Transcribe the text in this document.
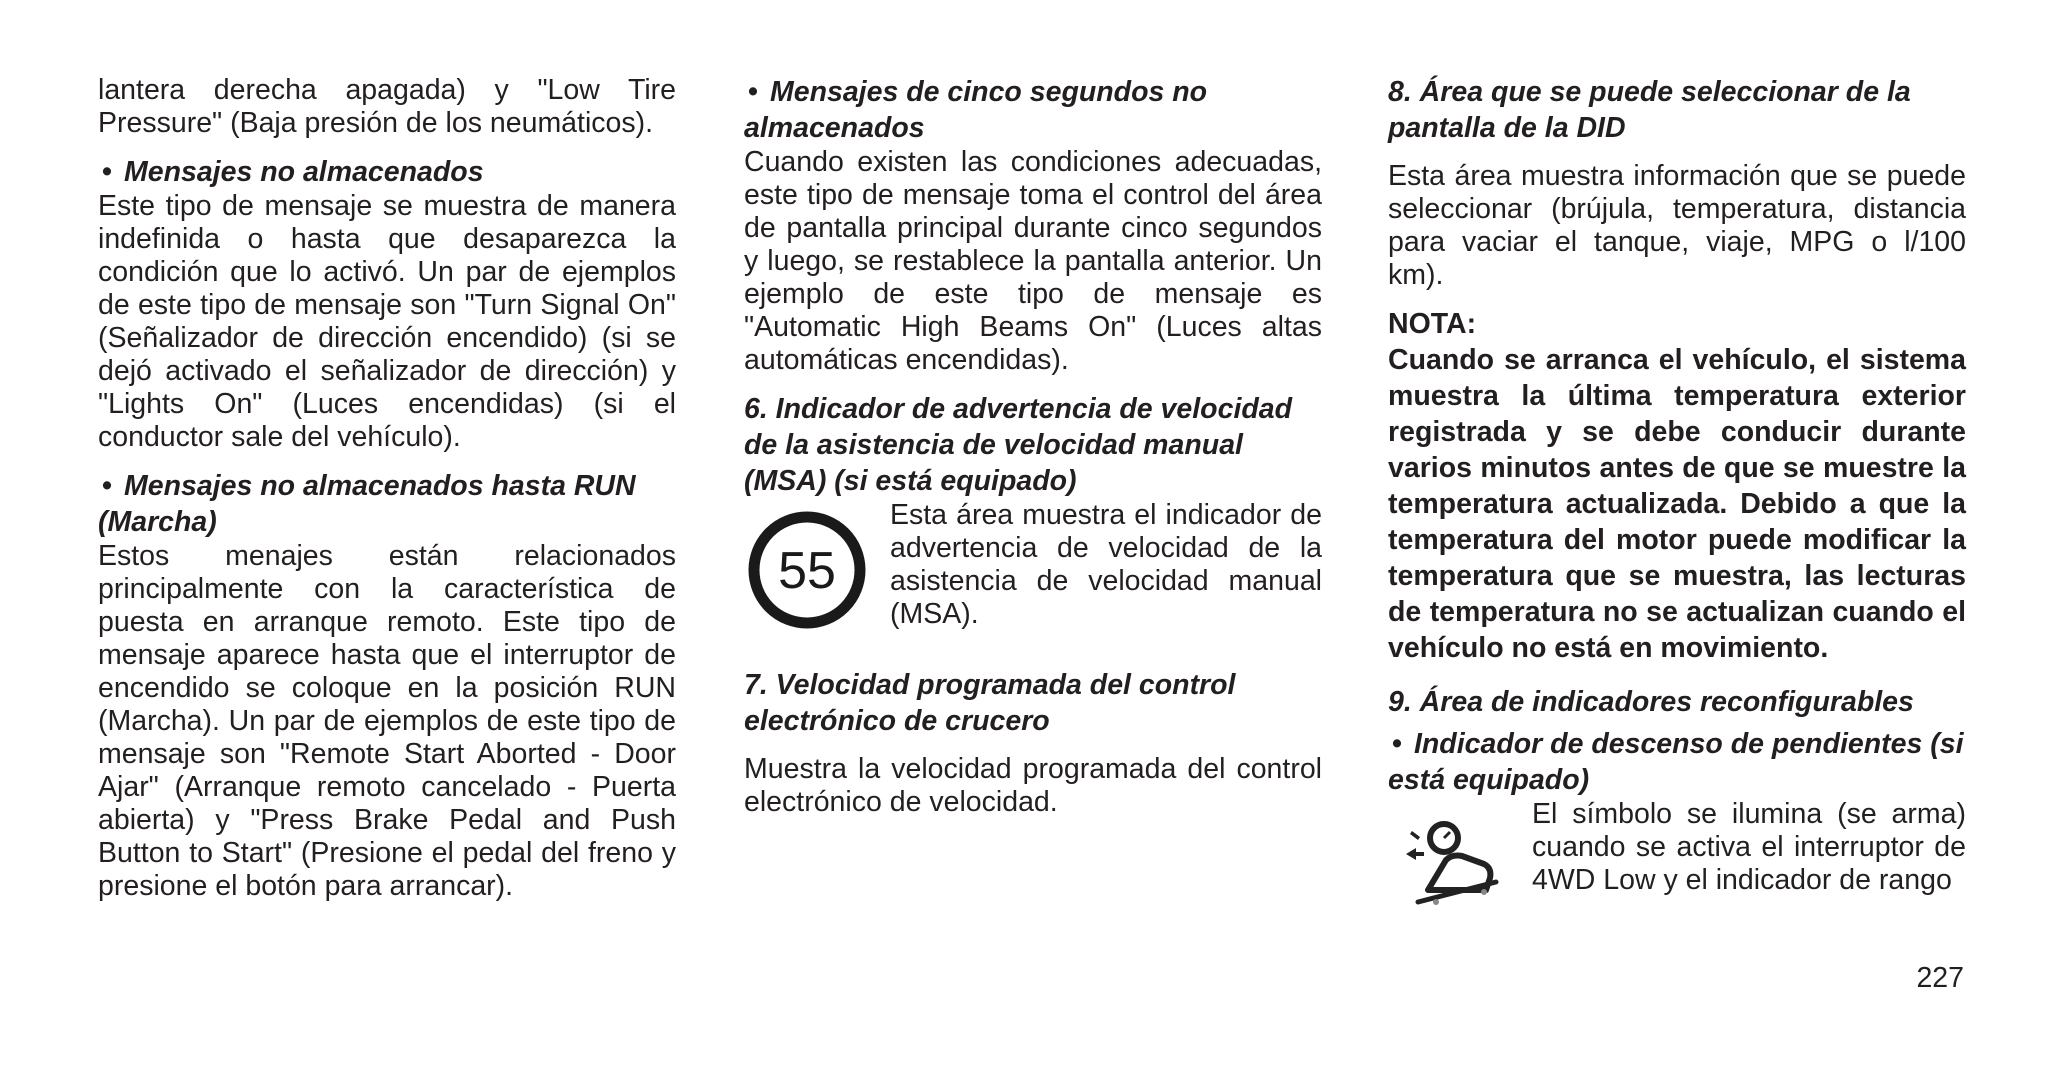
lantera derecha apagada) y "Low Tire Pressure" (Baja presión de los neumáticos).

• Mensajes no almacenados

Este tipo de mensaje se muestra de manera indefinida o hasta que desaparezca la condición que lo activó. Un par de ejemplos de este tipo de mensaje son "Turn Signal On" (Señalizador de dirección encendido) (si se dejó activado el señalizador de dirección) y "Lights On" (Luces encendidas) (si el conductor sale del vehículo).

• Mensajes no almacenados hasta RUN (Marcha)

Estos menajes están relacionados principalmente con la característica de puesta en arranque remoto. Este tipo de mensaje aparece hasta que el interruptor de encendido se coloque en la posición RUN (Marcha). Un par de ejemplos de este tipo de mensaje son "Remote Start Aborted - Door Ajar" (Arranque remoto cancelado - Puerta abierta) y "Press Brake Pedal and Push Button to Start" (Presione el pedal del freno y presione el botón para arrancar).

• Mensajes de cinco segundos no almacenados

Cuando existen las condiciones adecuadas, este tipo de mensaje toma el control del área de pantalla principal durante cinco segundos y luego, se restablece la pantalla anterior. Un ejemplo de este tipo de mensaje es "Automatic High Beams On" (Luces altas automáticas encendidas).

6. Indicador de advertencia de velocidad de la asistencia de velocidad manual (MSA) (si está equipado)
55

Esta área muestra el indicador de advertencia de velocidad de la asistencia de velocidad manual (MSA).

7. Velocidad programada del control electrónico de crucero

Muestra la velocidad programada del control electrónico de velocidad.

8. Área que se puede seleccionar de la pantalla de la DID

Esta área muestra información que se puede seleccionar (brújula, temperatura, distancia para vaciar el tanque, viaje, MPG o l/100 km).

NOTA:

Cuando se arranca el vehículo, el sistema muestra la última temperatura exterior registrada y se debe conducir durante varios minutos antes de que se muestre la temperatura actualizada. Debido a que la temperatura del motor puede modificar la temperatura que se muestra, las lecturas de temperatura no se actualizan cuando el vehículo no está en movimiento.

9. Área de indicadores reconfigurables
• Indicador de descenso de pendientes (si está equipado)

El símbolo se ilumina (se arma) cuando se activa el interruptor de 4WD Low y el indicador de rango

227
